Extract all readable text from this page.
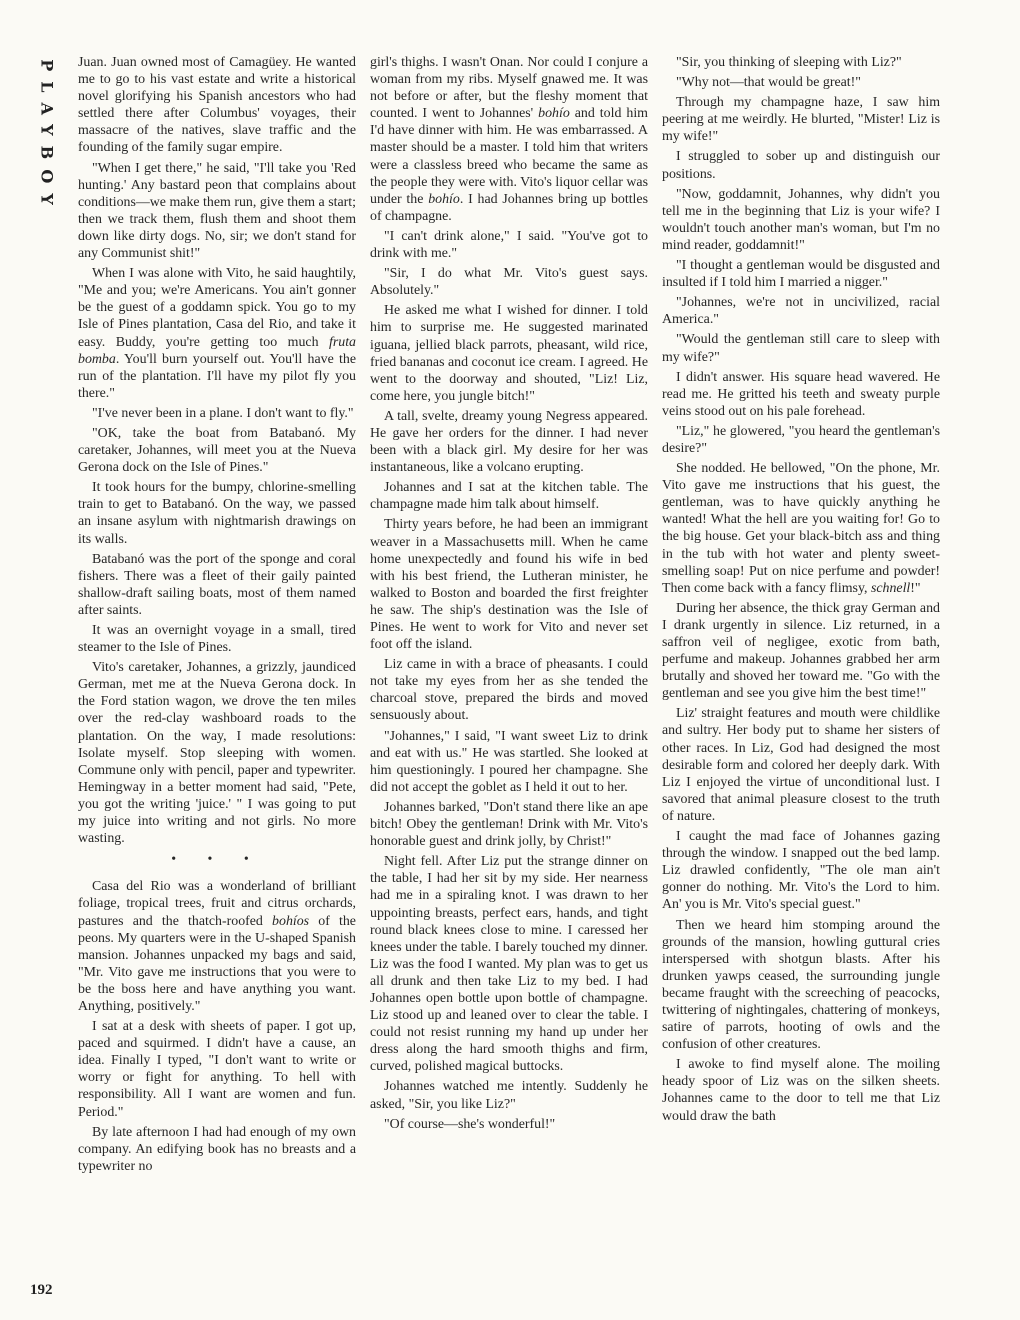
PLAYBOY Juan. Juan owned most of Camagüey. He wanted me to go to his vast estate and write a historical novel glorifying his Spanish ancestors who had settled there after Columbus' voyages, their massacre of the natives, slave traffic and the founding of the family sugar empire.

"When I get there," he said, "I'll take you 'Red hunting.' Any bastard peon that complains about conditions—we make them run, give them a start; then we track them, flush them and shoot them down like dirty dogs. No, sir; we don't stand for any Communist shit!"

When I was alone with Vito, he said haughtily, "Me and you; we're Americans. You ain't gonner be the guest of a goddamn spick. You go to my Isle of Pines plantation, Casa del Rio, and take it easy. Buddy, you're getting too much fruta bomba. You'll burn yourself out. You'll have the run of the plantation. I'll have my pilot fly you there."

"I've never been in a plane. I don't want to fly."

"OK, take the boat from Batabanó. My caretaker, Johannes, will meet you at the Nueva Gerona dock on the Isle of Pines."

It took hours for the bumpy, chlorine-smelling train to get to Batabanó. On the way, we passed an insane asylum with nightmarish drawings on its walls.

Batabanó was the port of the sponge and coral fishers. There was a fleet of their gaily painted shallow-draft sailing boats, most of them named after saints.

It was an overnight voyage in a small, tired steamer to the Isle of Pines.

Vito's caretaker, Johannes, a grizzly, jaundiced German, met me at the Nueva Gerona dock. In the Ford station wagon, we drove the ten miles over the red-clay washboard roads to the plantation. On the way, I made resolutions: Isolate myself. Stop sleeping with women. Commune only with pencil, paper and typewriter. Hemingway in a better moment had said, "Pete, you got the writing 'juice.' " I was going to put my juice into writing and not girls. No more wasting.

• • •

Casa del Rio was a wonderland of brilliant foliage, tropical trees, fruit and citrus orchards, pastures and the thatch-roofed bohíos of the peons. My quarters were in the U-shaped Spanish mansion. Johannes unpacked my bags and said, "Mr. Vito gave me instructions that you were to be the boss here and have anything you want. Anything, positively."

I sat at a desk with sheets of paper. I got up, paced and squirmed. I didn't have a cause, an idea. Finally I typed, "I don't want to write or worry or fight for anything. To hell with responsibility. All I want are women and fun. Period."

By late afternoon I had had enough of my own company. An edifying book has no breasts and a typewriter no

girl's thighs. I wasn't Onan. Nor could I conjure a woman from my ribs. Myself gnawed me. It was not before or after, but the fleshy moment that counted. I went to Johannes' bohío and told him I'd have dinner with him. He was embarrassed. A master should be a master. I told him that writers were a classless breed who became the same as the people they were with. Vito's liquor cellar was under the bohío. I had Johannes bring up bottles of champagne.

"I can't drink alone," I said. "You've got to drink with me."

"Sir, I do what Mr. Vito's guest says. Absolutely."

He asked me what I wished for dinner. I told him to surprise me. He suggested marinated iguana, jellied black parrots, pheasant, wild rice, fried bananas and coconut ice cream. I agreed. He went to the doorway and shouted, "Liz! Liz, come here, you jungle bitch!"

A tall, svelte, dreamy young Negress appeared. He gave her orders for the dinner. I had never been with a black girl. My desire for her was instantaneous, like a volcano erupting.

Johannes and I sat at the kitchen table. The champagne made him talk about himself.

Thirty years before, he had been an immigrant weaver in a Massachusetts mill. When he came home unexpectedly and found his wife in bed with his best friend, the Lutheran minister, he walked to Boston and boarded the first freighter he saw. The ship's destination was the Isle of Pines. He went to work for Vito and never set foot off the island.

Liz came in with a brace of pheasants. I could not take my eyes from her as she tended the charcoal stove, prepared the birds and moved sensuously about.

"Johannes," I said, "I want sweet Liz to drink and eat with us." He was startled. She looked at him questioningly. I poured her champagne. She did not accept the goblet as I held it out to her.

Johannes barked, "Don't stand there like an ape bitch! Obey the gentleman! Drink with Mr. Vito's honorable guest and drink jolly, by Christ!"

Night fell. After Liz put the strange dinner on the table, I had her sit by my side. Her nearness had me in a spiraling knot. I was drawn to her uppointing breasts, perfect ears, hands, and tight round black knees close to mine. I caressed her knees under the table. I barely touched my dinner. Liz was the food I wanted. My plan was to get us all drunk and then take Liz to my bed. I had Johannes open bottle upon bottle of champagne. Liz stood up and leaned over to clear the table. I could not resist running my hand up under her dress along the hard smooth thighs and firm, curved, polished magical buttocks.

Johannes watched me intently. Suddenly he asked, "Sir, you like Liz?"

"Of course—she's wonderful!"

"Sir, you thinking of sleeping with Liz?"

"Why not—that would be great!"

Through my champagne haze, I saw him peering at me weirdly. He blurted, "Mister! Liz is my wife!"

I struggled to sober up and distinguish our positions.

"Now, goddamnit, Johannes, why didn't you tell me in the beginning that Liz is your wife? I wouldn't touch another man's woman, but I'm no mind reader, goddamnit!"

"I thought a gentleman would be disgusted and insulted if I told him I married a nigger."

"Johannes, we're not in uncivilized, racial America."

"Would the gentleman still care to sleep with my wife?"

I didn't answer. His square head wavered. He read me. He gritted his teeth and sweaty purple veins stood out on his pale forehead.

"Liz," he glowered, "you heard the gentleman's desire?"

She nodded. He bellowed, "On the phone, Mr. Vito gave me instructions that his guest, the gentleman, was to have quickly anything he wanted! What the hell are you waiting for! Go to the big house. Get your black-bitch ass and thing in the tub with hot water and plenty sweet-smelling soap! Put on nice perfume and powder! Then come back with a fancy flimsy, schnell!"

During her absence, the thick gray German and I drank urgently in silence. Liz returned, in a saffron veil of negligee, exotic from bath, perfume and makeup. Johannes grabbed her arm brutally and shoved her toward me. "Go with the gentleman and see you give him the best time!"

Liz' straight features and mouth were childlike and sultry. Her body put to shame her sisters of other races. In Liz, God had designed the most desirable form and colored her deeply dark. With Liz I enjoyed the virtue of unconditional lust. I savored that animal pleasure closest to the truth of nature.

I caught the mad face of Johannes gazing through the window. I snapped out the bed lamp. Liz drawled confidently, "The ole man ain't gonner do nothing. Mr. Vito's the Lord to him. An' you is Mr. Vito's special guest."

Then we heard him stomping around the grounds of the mansion, howling guttural cries interspersed with shotgun blasts. After his drunken yawps ceased, the surrounding jungle became fraught with the screeching of peacocks, twittering of nightingales, chattering of monkeys, satire of parrots, hooting of owls and the confusion of other creatures.

I awoke to find myself alone. The moiling heady spoor of Liz was on the silken sheets. Johannes came to the door to tell me that Liz would draw the bath

192
